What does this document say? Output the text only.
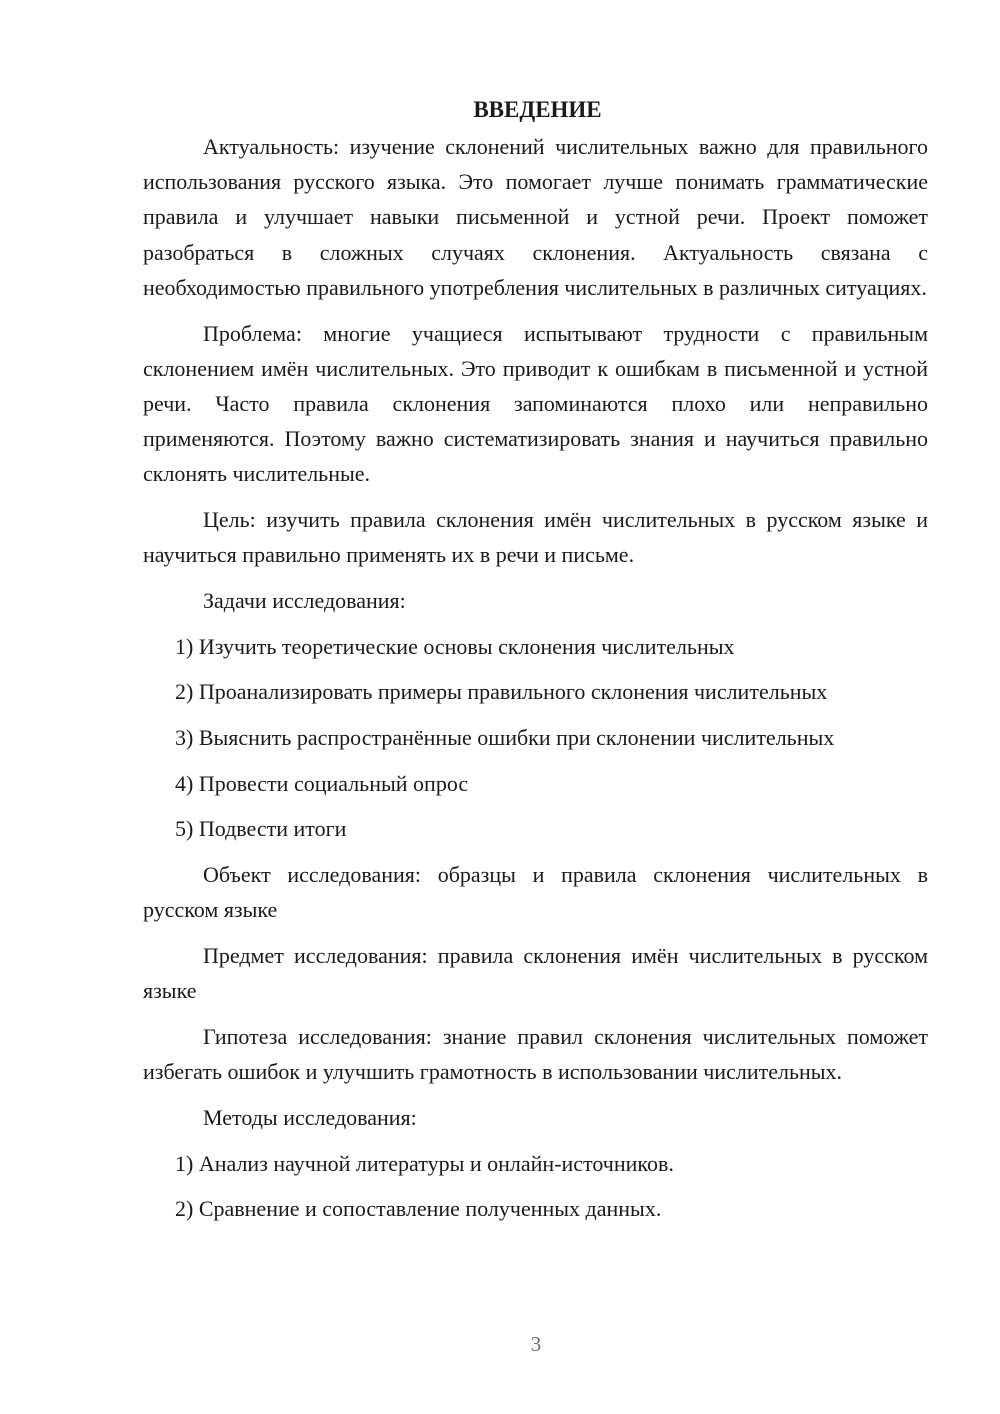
ВВЕДЕНИЕ

Актуальность: изучение склонений числительных важно для правильного использования русского языка. Это помогает лучше понимать грамматические правила и улучшает навыки письменной и устной речи. Проект поможет разобраться в сложных случаях склонения. Актуальность связана с необходимостью правильного употребления числительных в различных ситуациях.

Проблема: многие учащиеся испытывают трудности с правильным склонением имён числительных. Это приводит к ошибкам в письменной и устной речи. Часто правила склонения запоминаются плохо или неправильно применяются. Поэтому важно систематизировать знания и научиться правильно склонять числительные.

Цель: изучить правила склонения имён числительных в русском языке и научиться правильно применять их в речи и письме.

Задачи исследования:

1) Изучить теоретические основы склонения числительных
2) Проанализировать примеры правильного склонения числительных
3) Выяснить распространённые ошибки при склонении числительных
4) Провести социальный опрос
5) Подвести итоги

Объект исследования: образцы и правила склонения числительных в русском языке

Предмет исследования: правила склонения имён числительных в русском языке

Гипотеза исследования: знание правил склонения числительных поможет избегать ошибок и улучшить грамотность в использовании числительных.

Методы исследования:

1) Анализ научной литературы и онлайн-источников.
2) Сравнение и сопоставление полученных данных.
3
